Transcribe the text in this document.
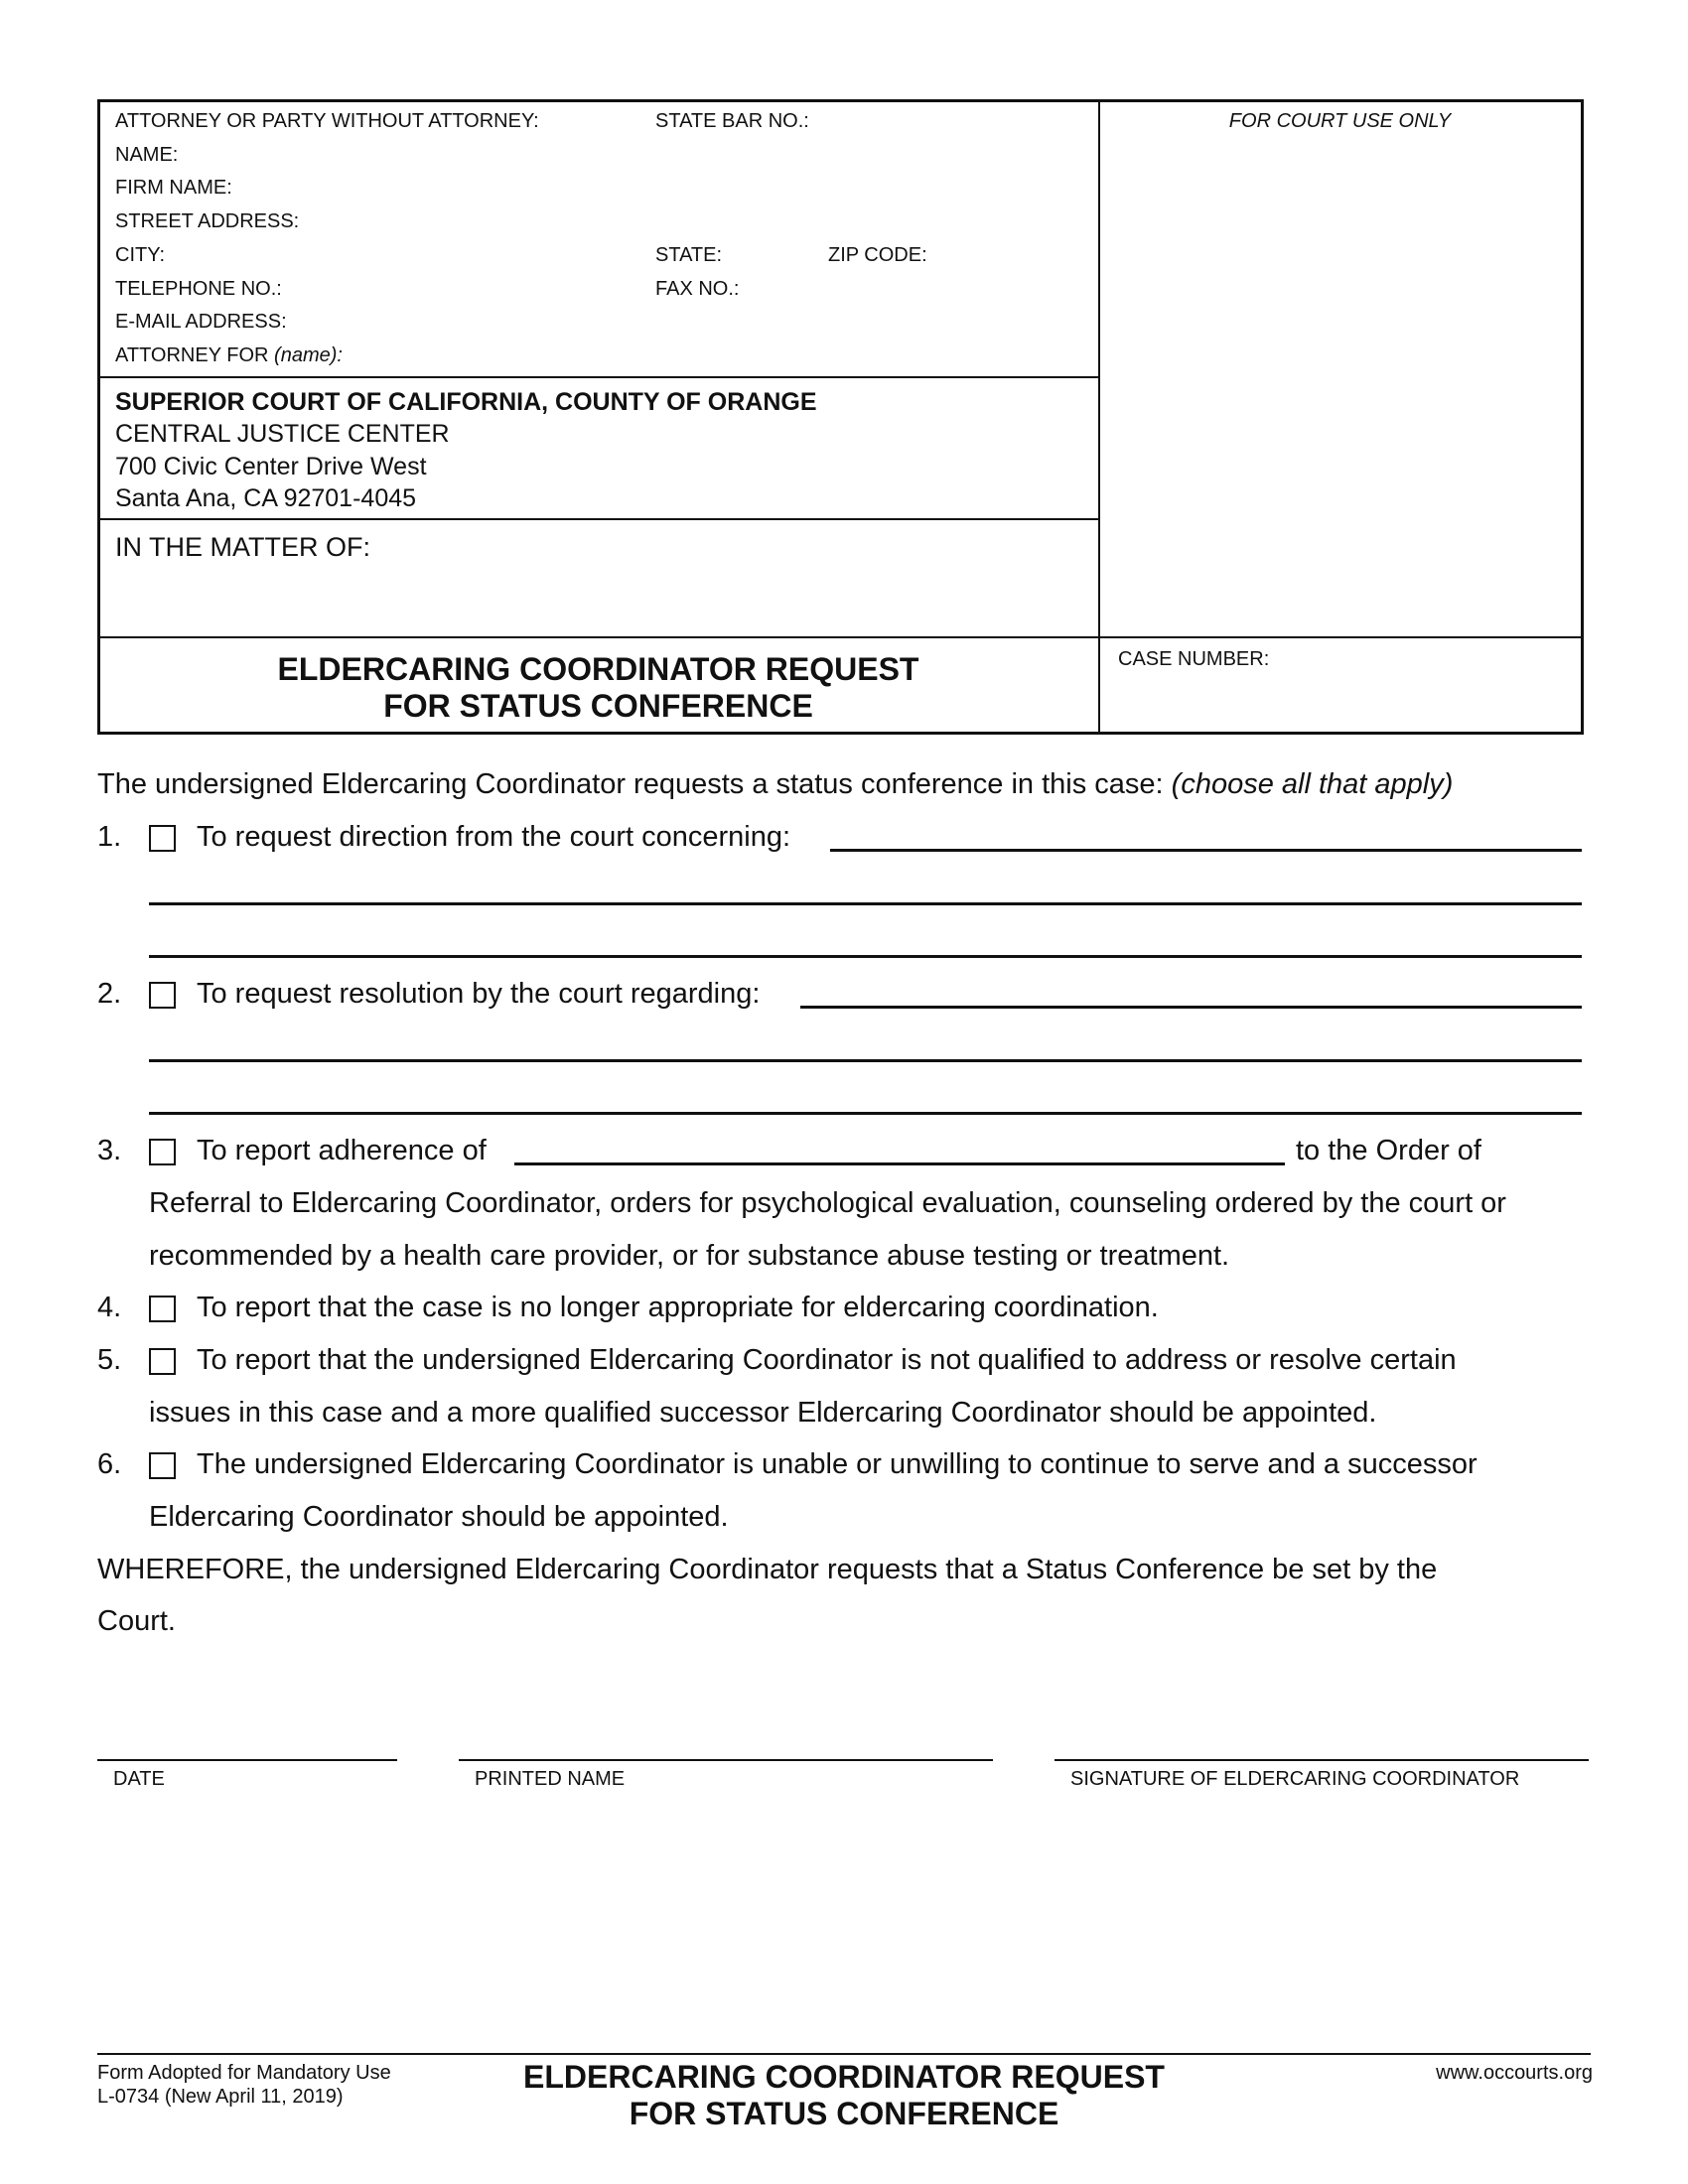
ATTORNEY OR PARTY WITHOUT ATTORNEY:	STATE BAR NO.:
NAME:
FIRM NAME:
STREET ADDRESS:
CITY:	STATE:	ZIP CODE:
TELEPHONE NO.:	FAX NO.:
E-MAIL ADDRESS:
ATTORNEY FOR (name):
FOR COURT USE ONLY
SUPERIOR COURT OF CALIFORNIA, COUNTY OF ORANGE
CENTRAL JUSTICE CENTER
700 Civic Center Drive West
Santa Ana, CA 92701-4045
IN THE MATTER OF:
ELDERCARING COORDINATOR REQUEST
FOR STATUS CONFERENCE
CASE NUMBER:
The undersigned Eldercaring Coordinator requests a status conference in this case: (choose all that apply)
1.	To request direction from the court concerning:
2.	To request resolution by the court regarding:
3.	To report adherence of	to the Order of
Referral to Eldercaring Coordinator, orders for psychological evaluation, counseling ordered by the court or
recommended by a health care provider, or for substance abuse testing or treatment.
4.	To report that the case is no longer appropriate for eldercaring coordination.
5.	To report that the undersigned Eldercaring Coordinator is not qualified to address or resolve certain
issues in this case and a more qualified successor Eldercaring Coordinator should be appointed.
6.	The undersigned Eldercaring Coordinator is unable or unwilling to continue to serve and a successor
Eldercaring Coordinator should be appointed.
WHEREFORE, the undersigned Eldercaring Coordinator requests that a Status Conference be set by the
Court.
DATE	PRINTED NAME	SIGNATURE OF ELDERCARING COORDINATOR
Form Adopted for Mandatory Use
L-0734 (New April 11, 2019)
ELDERCARING COORDINATOR REQUEST
FOR STATUS CONFERENCE
www.occourts.org
